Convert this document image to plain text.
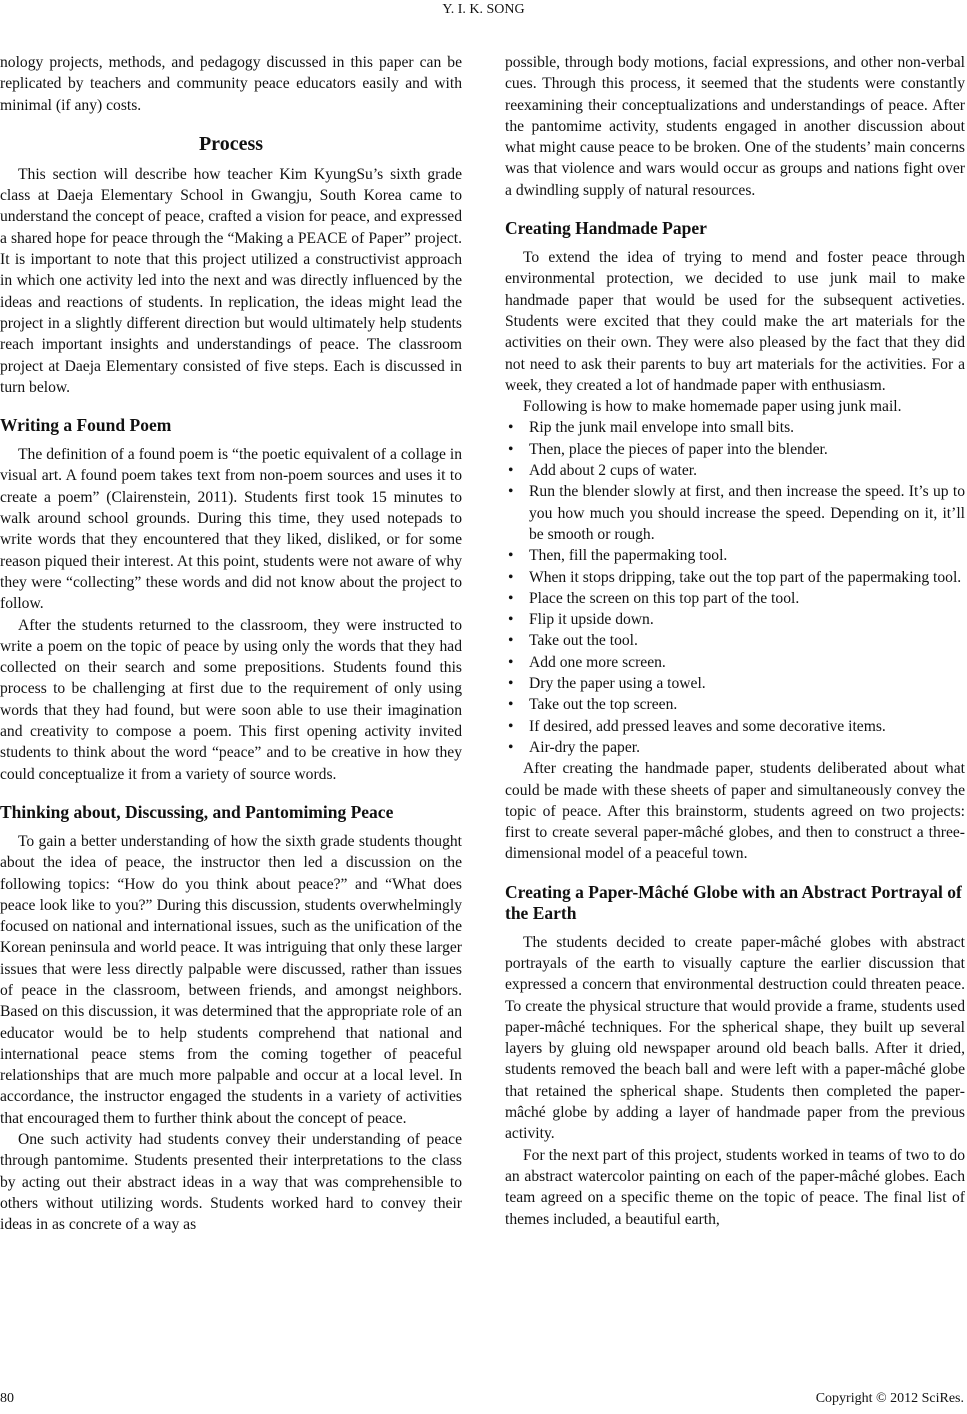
Y. I. K. SONG

nology projects, methods, and pedagogy discussed in this paper can be replicated by teachers and community peace educators easily and with minimal (if any) costs.

Process

This section will describe how teacher Kim KyungSu’s sixth grade class at Daeja Elementary School in Gwangju, South Korea came to understand the concept of peace, crafted a vision for peace, and expressed a shared hope for peace through the “Making a PEACE of Paper” project. It is important to note that this project utilized a constructivist approach in which one activity led into the next and was directly influenced by the ideas and reactions of students. In replication, the ideas might lead the project in a slightly different direction but would ultimately help students reach important insights and understandings of peace. The classroom project at Daeja Elementary consisted of five steps. Each is discussed in turn below.

Writing a Found Poem

The definition of a found poem is “the poetic equivalent of a collage in visual art. A found poem takes text from non-poem sources and uses it to create a poem” (Clairenstein, 2011). Students first took 15 minutes to walk around school grounds. During this time, they used notepads to write words that they encountered that they liked, disliked, or for some reason piqued their interest. At this point, students were not aware of why they were “collecting” these words and did not know about the project to follow.

After the students returned to the classroom, they were instructed to write a poem on the topic of peace by using only the words that they had collected on their search and some prepositions. Students found this process to be challenging at first due to the requirement of only using words that they had found, but were soon able to use their imagination and creativity to compose a poem. This first opening activity invited students to think about the word “peace” and to be creative in how they could conceptualize it from a variety of source words.

Thinking about, Discussing, and Pantomiming Peace

To gain a better understanding of how the sixth grade students thought about the idea of peace, the instructor then led a discussion on the following topics: “How do you think about peace?” and “What does peace look like to you?” During this discussion, students overwhelmingly focused on national and international issues, such as the unification of the Korean peninsula and world peace. It was intriguing that only these larger issues that were less directly palpable were discussed, rather than issues of peace in the classroom, between friends, and amongst neighbors. Based on this discussion, it was determined that the appropriate role of an educator would be to help students comprehend that national and international peace stems from the coming together of peaceful relationships that are much more palpable and occur at a local level. In accordance, the instructor engaged the students in a variety of activities that encouraged them to further think about the concept of peace.

One such activity had students convey their understanding of peace through pantomime. Students presented their interpretations to the class by acting out their abstract ideas in a way that was comprehensible to others without utilizing words. Students worked hard to convey their ideas in as concrete of a way as

possible, through body motions, facial expressions, and other non-verbal cues. Through this process, it seemed that the students were constantly reexamining their conceptualizations and understandings of peace. After the pantomime activity, students engaged in another discussion about what might cause peace to be broken. One of the students’ main concerns was that violence and wars would occur as groups and nations fight over a dwindling supply of natural resources.

Creating Handmade Paper

To extend the idea of trying to mend and foster peace through environmental protection, we decided to use junk mail to make handmade paper that would be used for the subsequent activeties. Students were excited that they could make the art materials for the activities on their own. They were also pleased by the fact that they did not need to ask their parents to buy art materials for the activities. For a week, they created a lot of handmade paper with enthusiasm.

Following is how to make homemade paper using junk mail.

• Rip the junk mail envelope into small bits.
• Then, place the pieces of paper into the blender.
• Add about 2 cups of water.
• Run the blender slowly at first, and then increase the speed. It’s up to you how much you should increase the speed. Depending on it, it’ll be smooth or rough.
• Then, fill the papermaking tool.
• When it stops dripping, take out the top part of the papermaking tool.
• Place the screen on this top part of the tool.
• Flip it upside down.
• Take out the tool.
• Add one more screen.
• Dry the paper using a towel.
• Take out the top screen.
• If desired, add pressed leaves and some decorative items.
• Air-dry the paper.

After creating the handmade paper, students deliberated about what could be made with these sheets of paper and simultaneously convey the topic of peace. After this brainstorm, students agreed on two projects: first to create several paper-mâché globes, and then to construct a three-dimensional model of a peaceful town.

Creating a Paper-Mâché Globe with an Abstract Portrayal of the Earth

The students decided to create paper-mâché globes with abstract portrayals of the earth to visually capture the earlier discussion that expressed a concern that environmental destruction could threaten peace. To create the physical structure that would provide a frame, students used paper-mâché techniques. For the spherical shape, they built up several layers by gluing old newspaper around old beach balls. After it dried, students removed the beach ball and were left with a paper-mâché globe that retained the spherical shape. Students then completed the paper-mâché globe by adding a layer of handmade paper from the previous activity.

For the next part of this project, students worked in teams of two to do an abstract watercolor painting on each of the paper-mâché globes. Each team agreed on a specific theme on the topic of peace. The final list of themes included, a beautiful earth,

80	Copyright © 2012 SciRes.
